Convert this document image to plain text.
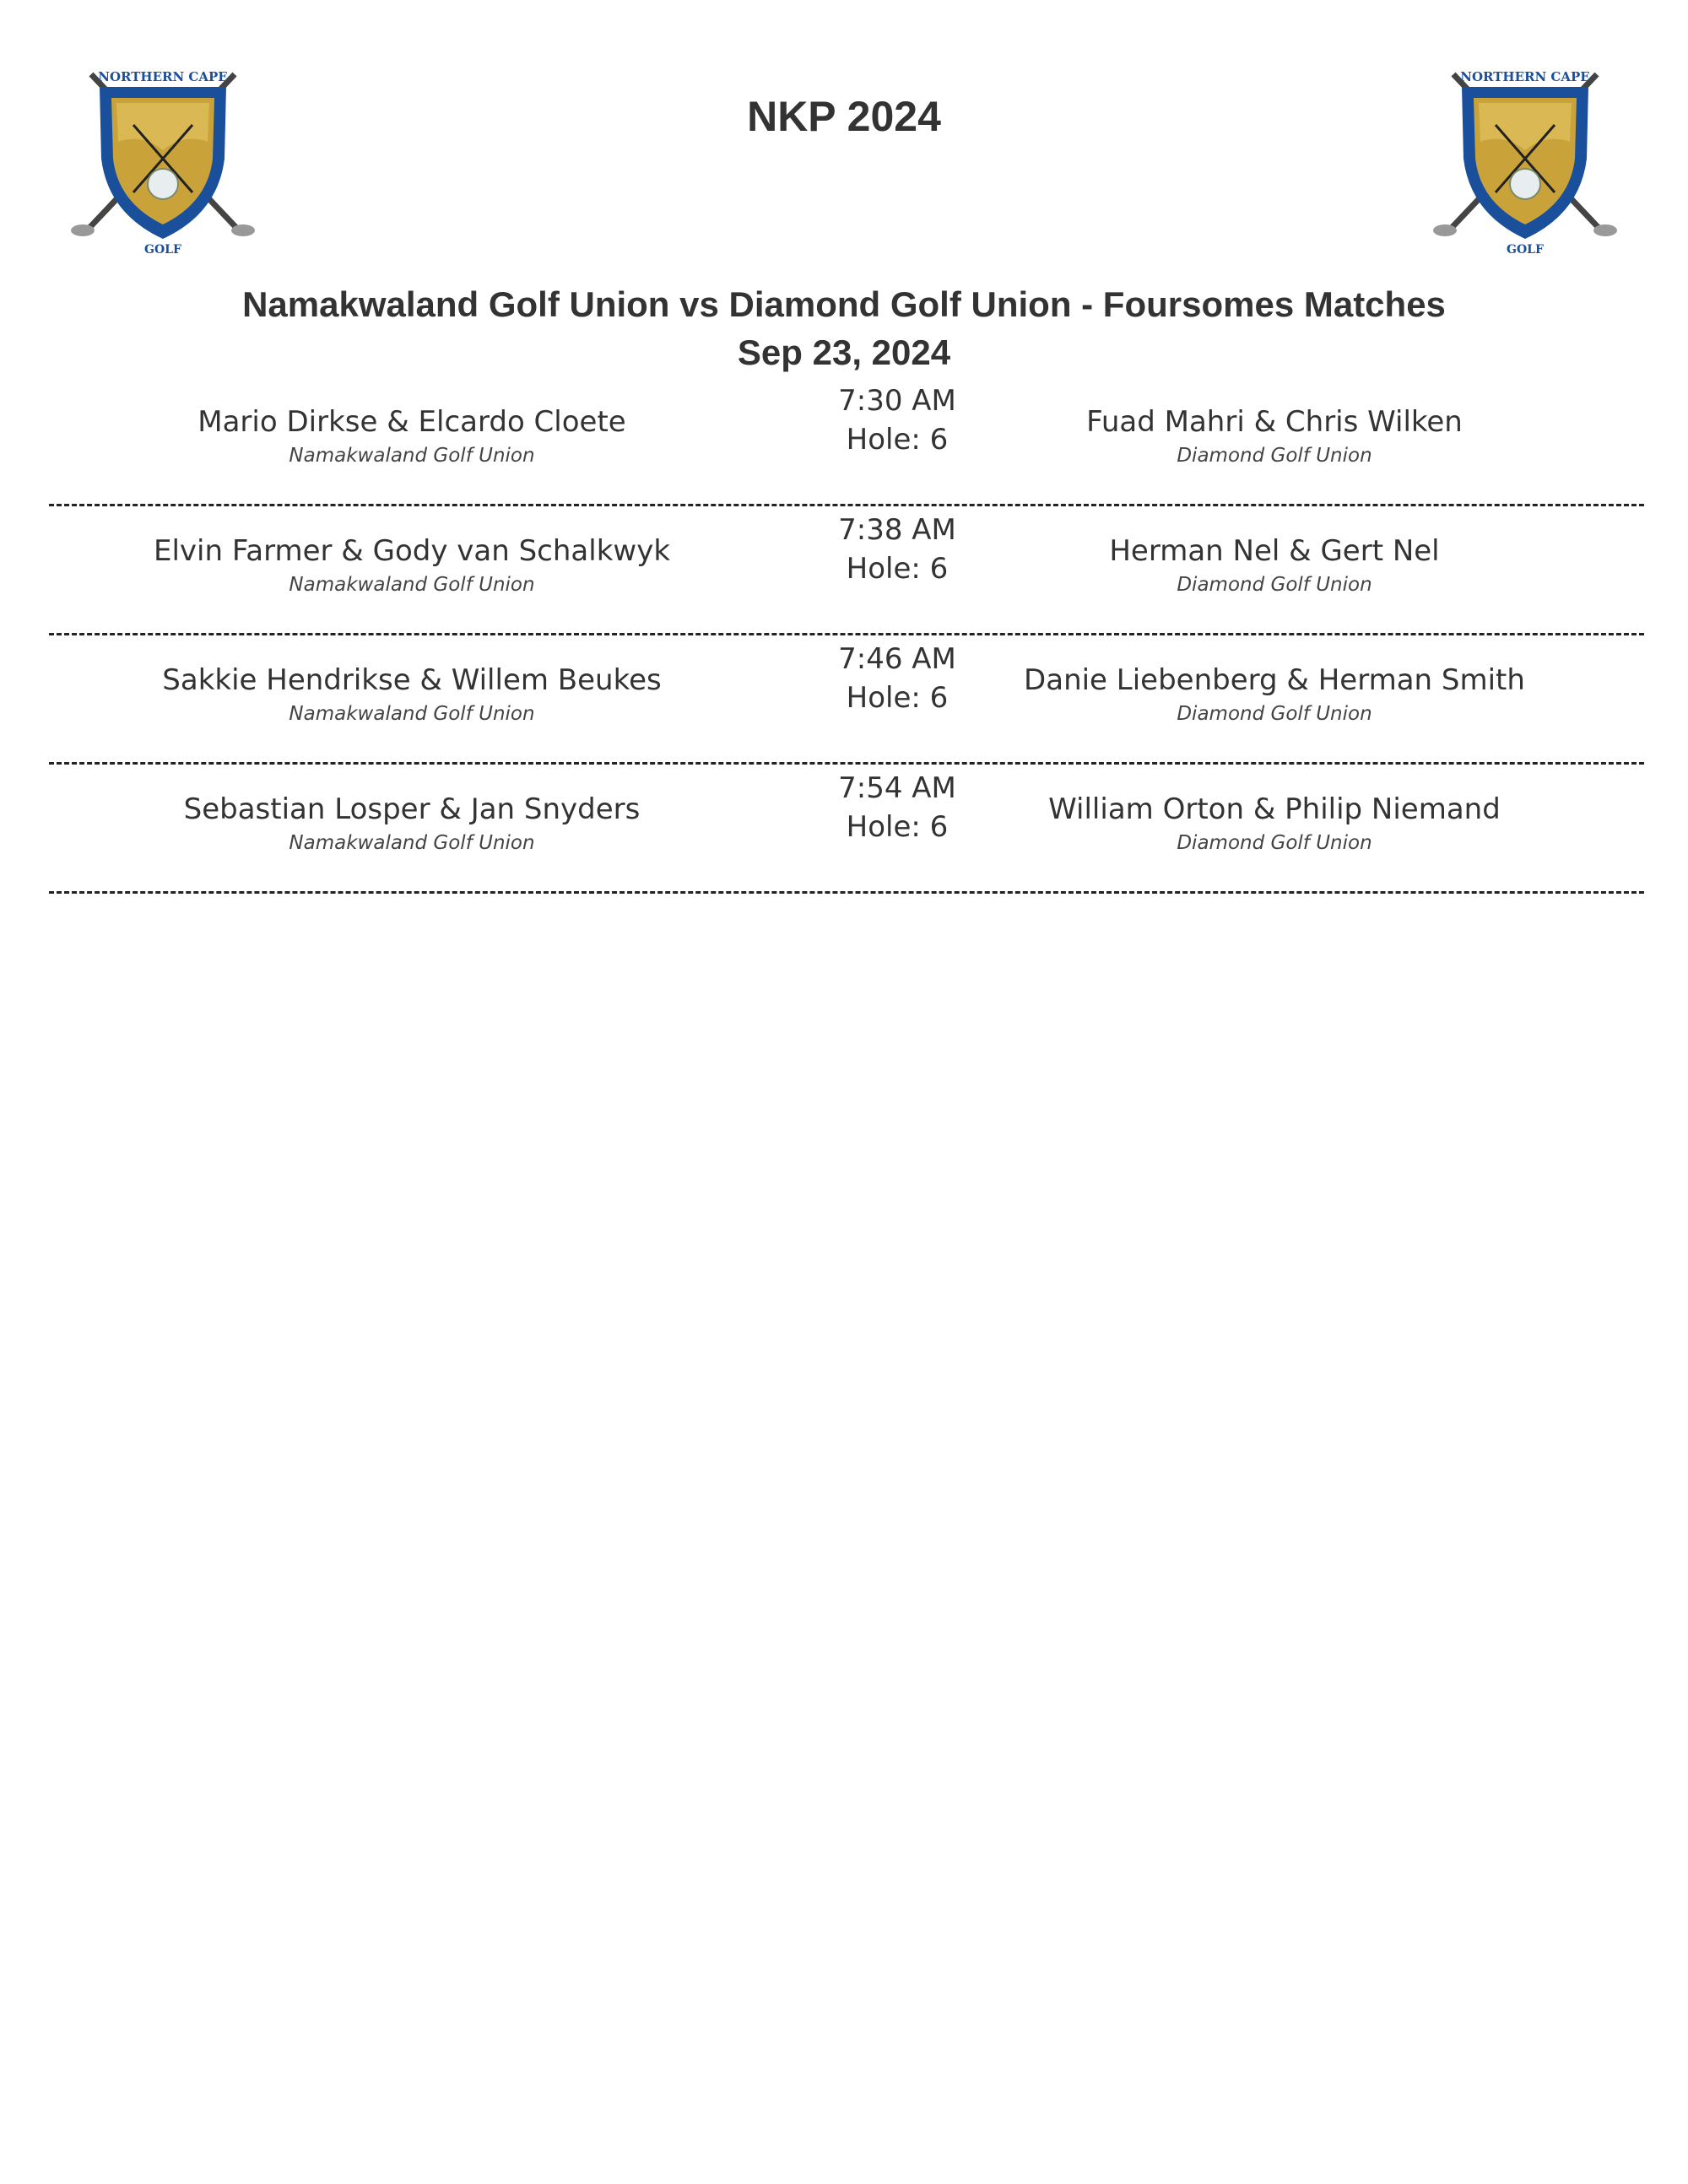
NORTHERN CAPE
GOLF
NORTHERN CAPE
GOLF
NKP 2024
Namakwaland Golf Union vs Diamond Golf Union - Foursomes Matches
Sep 23, 2024
Mario Dirkse & Elcardo Cloete
Namakwaland Golf Union
7:30 AM
Hole: 6
Fuad Mahri & Chris Wilken
Diamond Golf Union
Elvin Farmer & Gody van Schalkwyk
Namakwaland Golf Union
7:38 AM
Hole: 6
Herman Nel & Gert Nel
Diamond Golf Union
Sakkie Hendrikse & Willem Beukes
Namakwaland Golf Union
7:46 AM
Hole: 6
Danie Liebenberg & Herman Smith
Diamond Golf Union
Sebastian Losper & Jan Snyders
Namakwaland Golf Union
7:54 AM
Hole: 6
William Orton & Philip Niemand
Diamond Golf Union
